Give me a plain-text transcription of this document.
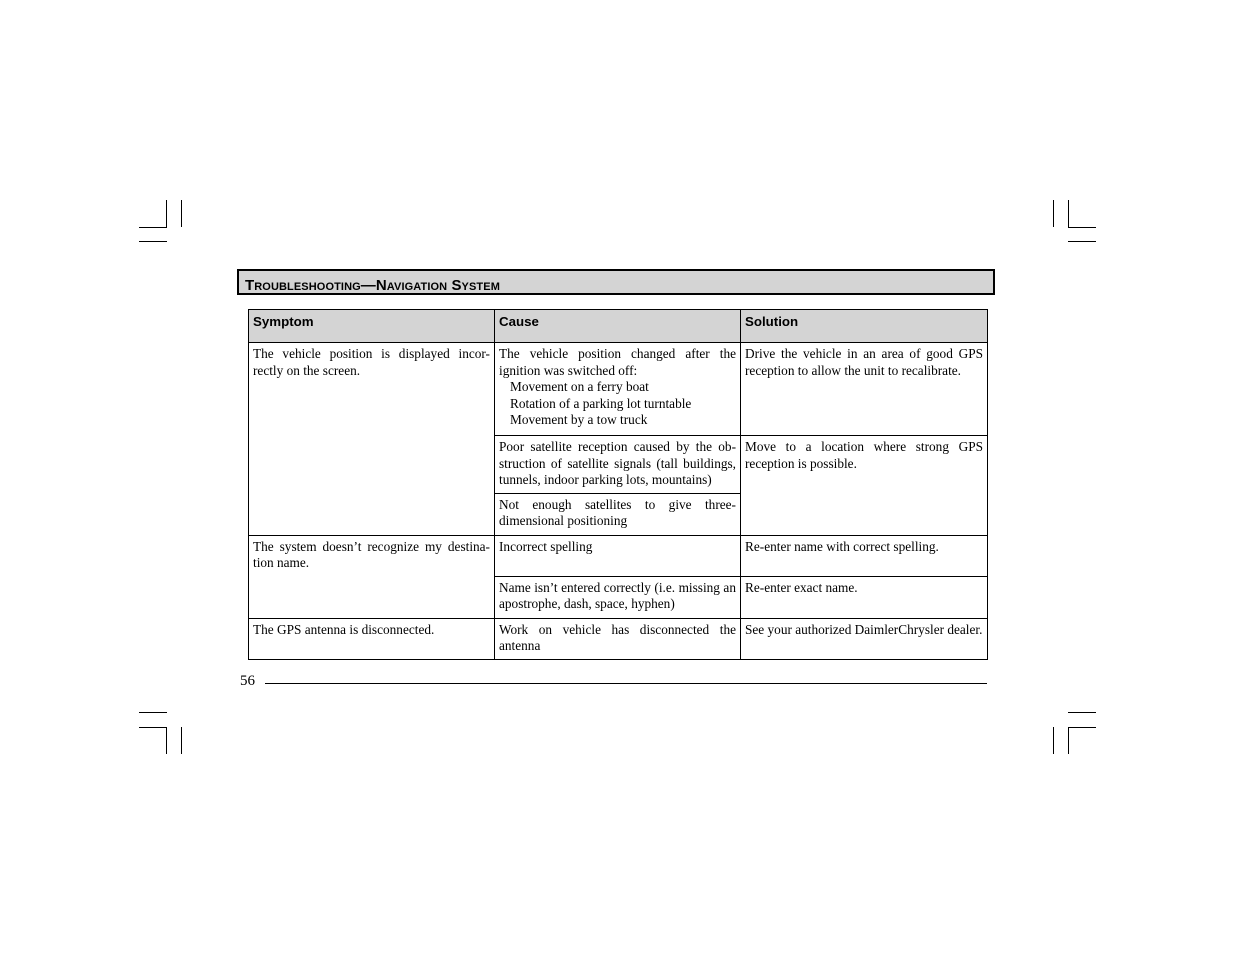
Troubleshooting—Navigation System
Symptom	Cause	Solution
The vehicle position is displayed incor-rectly on the screen.	The vehicle position changed after the ignition was switched off:
Movement on a ferry boat
Rotation of a parking lot turntable
Movement by a tow truck	Drive the vehicle in an area of good GPS reception to allow the unit to recalibrate.
	Poor satellite reception caused by the ob-struction of satellite signals (tall buildings, tunnels, indoor parking lots, mountains)	Move to a location where strong GPS reception is possible.
	Not enough satellites to give three-dimensional positioning	
The system doesn’t recognize my destina-tion name.	Incorrect spelling	Re-enter name with correct spelling.
	Name isn’t entered correctly (i.e. missing an apostrophe, dash, space, hyphen)	Re-enter exact name.
The GPS antenna is disconnected.	Work on vehicle has disconnected the antenna	See your authorized DaimlerChrysler dealer.
56
